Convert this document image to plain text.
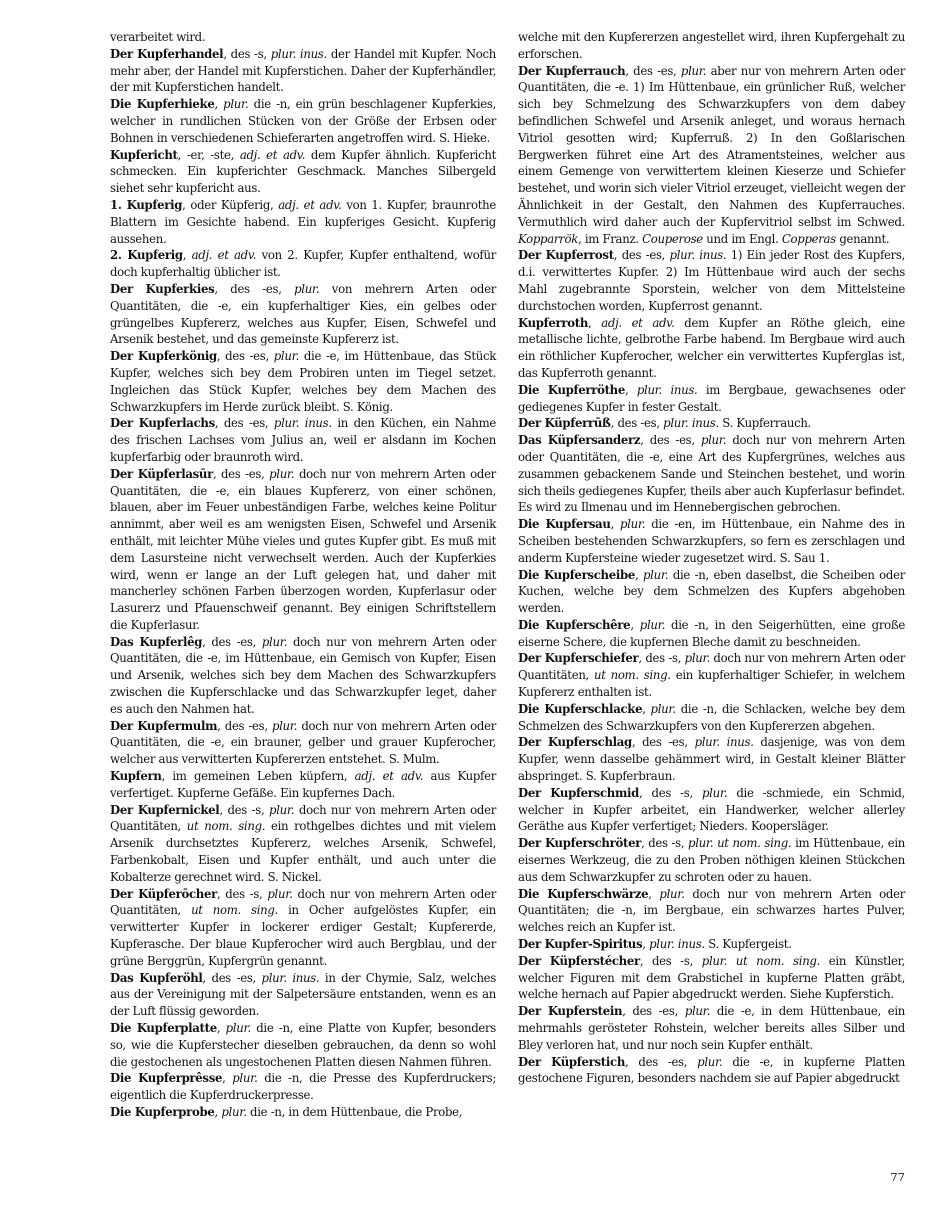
verarbeitet wird.

Der Kupferhandel, des -s, plur. inus. der Handel mit Kupfer. Noch mehr aber, der Handel mit Kupferstichen. Daher der Kupferhändler, der mit Kupferstichen handelt.

Die Kupferhieke, plur. die -n, ein grün beschlagener Kupferkies, welcher in rundlichen Stücken von der Größe der Erbsen oder Bohnen in verschiedenen Schieferarten angetroffen wird. S. Hieke.

Kupfericht, -er, -ste, adj. et adv. dem Kupfer ähnlich. Kupfericht schmecken. Ein kupferichter Geschmack. Manches Silbergeld siehet sehr kupfericht aus.

1. Kupferig, oder Küpferig, adj. et adv. von 1. Kupfer, braunrothe Blattern im Gesichte habend. Ein kupferiges Gesicht. Kupferig aussehen.

2. Kupferig, adj. et adv. von 2. Kupfer, Kupfer enthaltend, wofür doch kupferhaltig üblicher ist.

Der Kupferkies, des -es, plur. von mehrern Arten oder Quantitäten, die -e, ein kupferhaltiger Kies, ein gelbes oder grüngelbes Kupfererz, welches aus Kupfer, Eisen, Schwefel und Arsenik bestehet, und das gemeinste Kupfererz ist.

Der Kupferkönig, des -es, plur. die -e, im Hüttenbaue, das Stück Kupfer, welches sich bey dem Probiren unten im Tiegel setzet. Ingleichen das Stück Kupfer, welches bey dem Machen des Schwarzkupfers im Herde zurück bleibt. S. König.

Der Kupferlachs, des -es, plur. inus. in den Küchen, ein Nahme des frischen Lachses vom Julius an, weil er alsdann im Kochen kupferfarbig oder braunroth wird.

Der Küpferlasūr, des -es, plur. doch nur von mehrern Arten oder Quantitäten, die -e, ein blaues Kupfererz, von einer schönen, blauen, aber im Feuer unbeständigen Farbe, welches keine Politur annimmt, aber weil es am wenigsten Eisen, Schwefel und Arsenik enthält, mit leichter Mühe vieles und gutes Kupfer gibt. Es muß mit dem Lasursteine nicht verwechselt werden. Auch der Kupferkies wird, wenn er lange an der Luft gelegen hat, und daher mit mancherley schönen Farben überzogen worden, Kupferlasur oder Lasurerz und Pfauenschweif genannt. Bey einigen Schriftstellern die Kupferlasur.

Das Kupferlêg, des -es, plur. doch nur von mehrern Arten oder Quantitäten, die -e, im Hüttenbaue, ein Gemisch von Kupfer, Eisen und Arsenik, welches sich bey dem Machen des Schwarzkupfers zwischen die Kupferschlacke und das Schwarzkupfer leget, daher es auch den Nahmen hat.

Der Kupfermulm, des -es, plur. doch nur von mehrern Arten oder Quantitäten, die -e, ein brauner, gelber und grauer Kupferocher, welcher aus verwitterten Kupfererzen entstehet. S. Mulm.

Kupfern, im gemeinen Leben küpfern, adj. et adv. aus Kupfer verfertiget. Kupferne Gefäße. Ein kupfernes Dach.

Der Kupfernickel, des -s, plur. doch nur von mehrern Arten oder Quantitäten, ut nom. sing. ein rothgelbes dichtes und mit vielem Arsenik durchsetztes Kupfererz, welches Arsenik, Schwefel, Farbenkobalt, Eisen und Kupfer enthält, und auch unter die Kobalterze gerechnet wird. S. Nickel.

Der Küpferōcher, des -s, plur. doch nur von mehrern Arten oder Quantitäten, ut nom. sing. in Ocher aufgelöstes Kupfer, ein verwitterter Kupfer in lockerer erdiger Gestalt; Kupfererde, Kupferasche. Der blaue Kupferocher wird auch Bergblau, und der grüne Berggrün, Kupfergrün genannt.

Das Kupferöhl, des -es, plur. inus. in der Chymie, Salz, welches aus der Vereinigung mit der Salpetersäure entstanden, wenn es an der Luft flüssig geworden.

Die Kupferplatte, plur. die -n, eine Platte von Kupfer, besonders so, wie die Kupferstecher dieselben gebrauchen, da denn so wohl die gestochenen als ungestochenen Platten diesen Nahmen führen.

Die Kupferprêsse, plur. die -n, die Presse des Kupferdruckers; eigentlich die Kupferdruckerpresse.

Die Kupferprobe, plur. die -n, in dem Hüttenbaue, die Probe,

welche mit den Kupfererzen angestellet wird, ihren Kupfergehalt zu erforschen.

Der Kupferrauch, des -es, plur. aber nur von mehrern Arten oder Quantitäten, die -e. 1) Im Hüttenbaue, ein grünlicher Ruß, welcher sich bey Schmelzung des Schwarzkupfers von dem dabey befindlichen Schwefel und Arsenik anleget, und woraus hernach Vitriol gesotten wird; Kupferruß. 2) In den Goßlarischen Bergwerken führet eine Art des Atramentsteines, welcher aus einem Gemenge von verwittertem kleinen Kieserze und Schiefer bestehet, und worin sich vieler Vitriol erzeuget, vielleicht wegen der Ähnlichkeit in der Gestalt, den Nahmen des Kupferrauches. Vermuthlich wird daher auch der Kupfervitriol selbst im Schwed. Kopparrök, im Franz. Couperose und im Engl. Copperas genannt.

Der Kupferrost, des -es, plur. inus. 1) Ein jeder Rost des Kupfers, d.i. verwittertes Kupfer. 2) Im Hüttenbaue wird auch der sechs Mahl zugebrannte Sporstein, welcher von dem Mittelsteine durchstochen worden, Kupferrost genannt.

Kupferroth, adj. et adv. dem Kupfer an Röthe gleich, eine metallische lichte, gelbrothe Farbe habend. Im Bergbaue wird auch ein röthlicher Kupferocher, welcher ein verwittertes Kupferglas ist, das Kupferroth genannt.

Die Kupferröthe, plur. inus. im Bergbaue, gewachsenes oder gediegenes Kupfer in fester Gestalt.

Der Küpferrūß, des -es, plur. inus. S. Kupferrauch.

Das Küpfersanderz, des -es, plur. doch nur von mehrern Arten oder Quantitäten, die -e, eine Art des Kupfergrünes, welches aus zusammen gebackenem Sande und Steinchen bestehet, und worin sich theils gediegenes Kupfer, theils aber auch Kupferlasur befindet. Es wird zu Ilmenau und im Hennebergischen gebrochen.

Die Kupfersau, plur. die -en, im Hüttenbaue, ein Nahme des in Scheiben bestehenden Schwarzkupfers, so fern es zerschlagen und anderm Kupfersteine wieder zugesetzet wird. S. Sau 1.

Die Kupferscheibe, plur. die -n, eben daselbst, die Scheiben oder Kuchen, welche bey dem Schmelzen des Kupfers abgehoben werden.

Die Kupferschêre, plur. die -n, in den Seigerhütten, eine große eiserne Schere, die kupfernen Bleche damit zu beschneiden.

Der Kupferschiefer, des -s, plur. doch nur von mehrern Arten oder Quantitäten, ut nom. sing. ein kupferhaltiger Schiefer, in welchem Kupfererz enthalten ist.

Die Kupferschlacke, plur. die -n, die Schlacken, welche bey dem Schmelzen des Schwarzkupfers von den Kupfererzen abgehen.

Der Kupferschlag, des -es, plur. inus. dasjenige, was von dem Kupfer, wenn dasselbe gehämmert wird, in Gestalt kleiner Blätter abspringet. S. Kupferbraun.

Der Kupferschmid, des -s, plur. die -schmiede, ein Schmid, welcher in Kupfer arbeitet, ein Handwerker, welcher allerley Geräthe aus Kupfer verfertiget; Nieders. Koopersläger.

Der Kupferschröter, des -s, plur. ut nom. sing. im Hüttenbaue, ein eisernes Werkzeug, die zu den Proben nöthigen kleinen Stückchen aus dem Schwarzkupfer zu schroten oder zu hauen.

Die Kupferschwärze, plur. doch nur von mehrern Arten oder Quantitäten; die -n, im Bergbaue, ein schwarzes hartes Pulver, welches reich an Kupfer ist.

Der Kupfer-Spiritus, plur. inus. S. Kupfergeist.

Der Küpferstécher, des -s, plur. ut nom. sing. ein Künstler, welcher Figuren mit dem Grabstichel in kupferne Platten gräbt, welche hernach auf Papier abgedruckt werden. Siehe Kupferstich.

Der Kupferstein, des -es, plur. die -e, in dem Hüttenbaue, ein mehrmahls gerösteter Rohstein, welcher bereits alles Silber und Bley verloren hat, und nur noch sein Kupfer enthält.

Der Küpferstich, des -es, plur. die -e, in kupferne Platten gestochene Figuren, besonders nachdem sie auf Papier abgedruckt

77
